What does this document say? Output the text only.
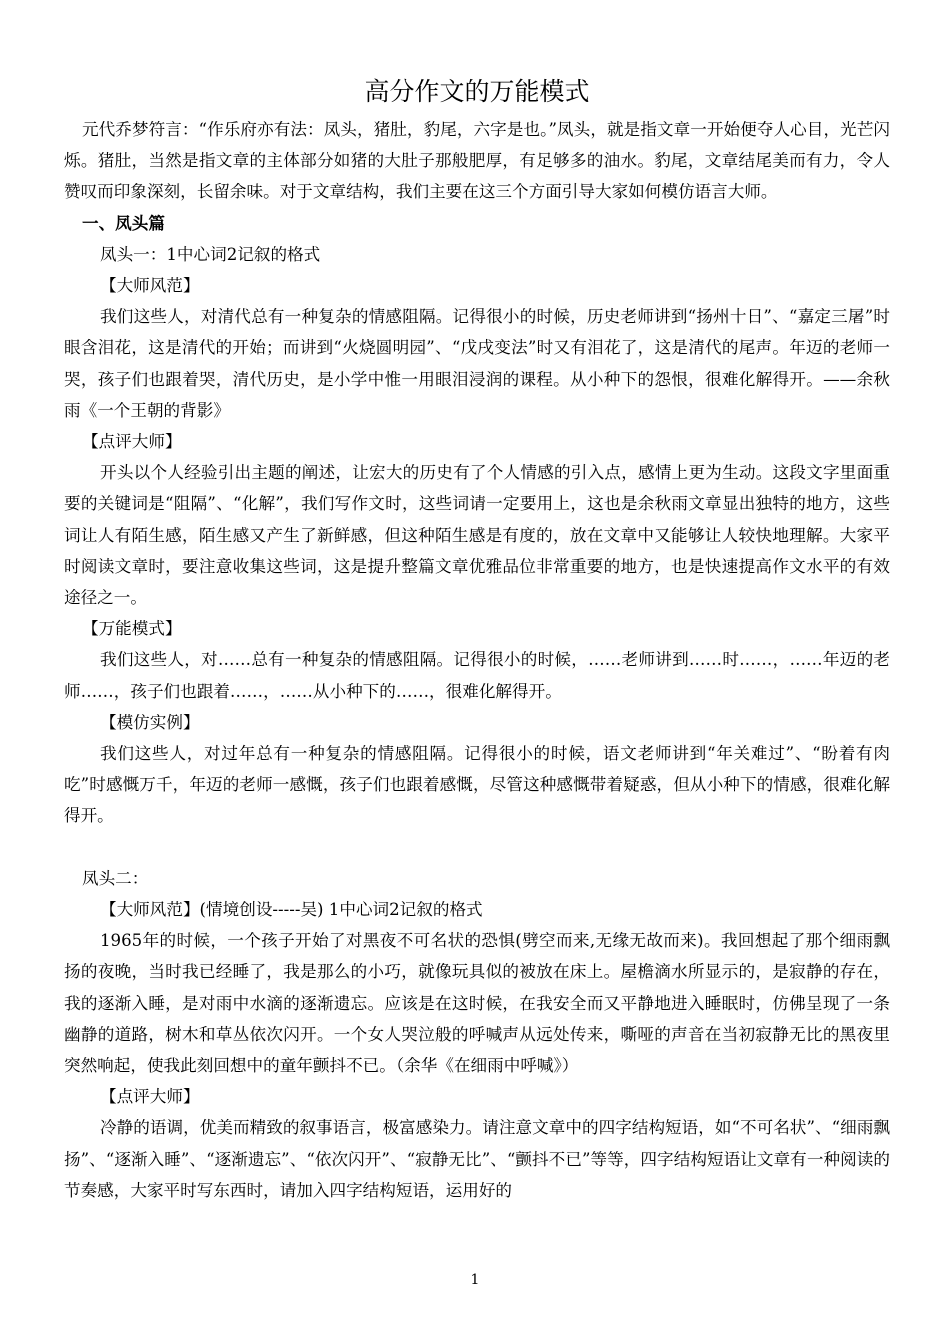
高分作文的万能模式

元代乔梦符言：“作乐府亦有法：凤头，猪肚，豹尾，六字是也。”凤头，就是指文章一开始便夺人心目，光芒闪烁。猪肚，当然是指文章的主体部分如猪的大肚子那般肥厚，有足够多的油水。豹尾，文章结尾美而有力，令人赞叹而印象深刻，长留余味。对于文章结构，我们主要在这三个方面引导大家如何模仿语言大师。

一、凤头篇

凤头一：1中心词2记叙的格式

【大师风范】

我们这些人，对清代总有一种复杂的情感阻隔。记得很小的时候，历史老师讲到“扬州十日”、“嘉定三屠”时眼含泪花，这是清代的开始；而讲到“火烧圆明园”、“戊戌变法”时又有泪花了，这是清代的尾声。年迈的老师一哭，孩子们也跟着哭，清代历史，是小学中惟一用眼泪浸润的课程。从小种下的怨恨，很难化解得开。——余秋雨《一个王朝的背影》

【点评大师】

开头以个人经验引出主题的阐述，让宏大的历史有了个人情感的引入点，感情上更为生动。这段文字里面重要的关键词是“阻隔”、“化解”，我们写作文时，这些词请一定要用上，这也是余秋雨文章显出独特的地方，这些词让人有陌生感，陌生感又产生了新鲜感，但这种陌生感是有度的，放在文章中又能够让人较快地理解。大家平时阅读文章时，要注意收集这些词，这是提升整篇文章优雅品位非常重要的地方，也是快速提高作文水平的有效途径之一。

【万能模式】

我们这些人，对……总有一种复杂的情感阻隔。记得很小的时候，……老师讲到……时……，……年迈的老师……，孩子们也跟着……，……从小种下的……，很难化解得开。

【模仿实例】

我们这些人，对过年总有一种复杂的情感阻隔。记得很小的时候，语文老师讲到“年关难过”、“盼着有肉吃”时感慨万千，年迈的老师一感慨，孩子们也跟着感慨，尽管这种感慨带着疑惑，但从小种下的情感，很难化解得开。

凤头二：

【大师风范】(情境创设-----吴) 1中心词2记叙的格式

1965年的时候，一个孩子开始了对黑夜不可名状的恐惧(劈空而来,无缘无故而来)。我回想起了那个细雨飘扬的夜晚，当时我已经睡了，我是那么的小巧，就像玩具似的被放在床上。屋檐滴水所显示的，是寂静的存在，我的逐渐入睡，是对雨中水滴的逐渐遗忘。应该是在这时候，在我安全而又平静地进入睡眠时，仿佛呈现了一条幽静的道路，树木和草丛依次闪开。一个女人哭泣般的呼喊声从远处传来，嘶哑的声音在当初寂静无比的黑夜里突然响起，使我此刻回想中的童年颤抖不已。（余华《在细雨中呼喊》）

【点评大师】

冷静的语调，优美而精致的叙事语言，极富感染力。请注意文章中的四字结构短语，如“不可名状”、“细雨飘扬”、“逐渐入睡”、“逐渐遗忘”、“依次闪开”、“寂静无比”、“颤抖不已”等等，四字结构短语让文章有一种阅读的节奏感，大家平时写东西时，请加入四字结构短语，运用好的

1
